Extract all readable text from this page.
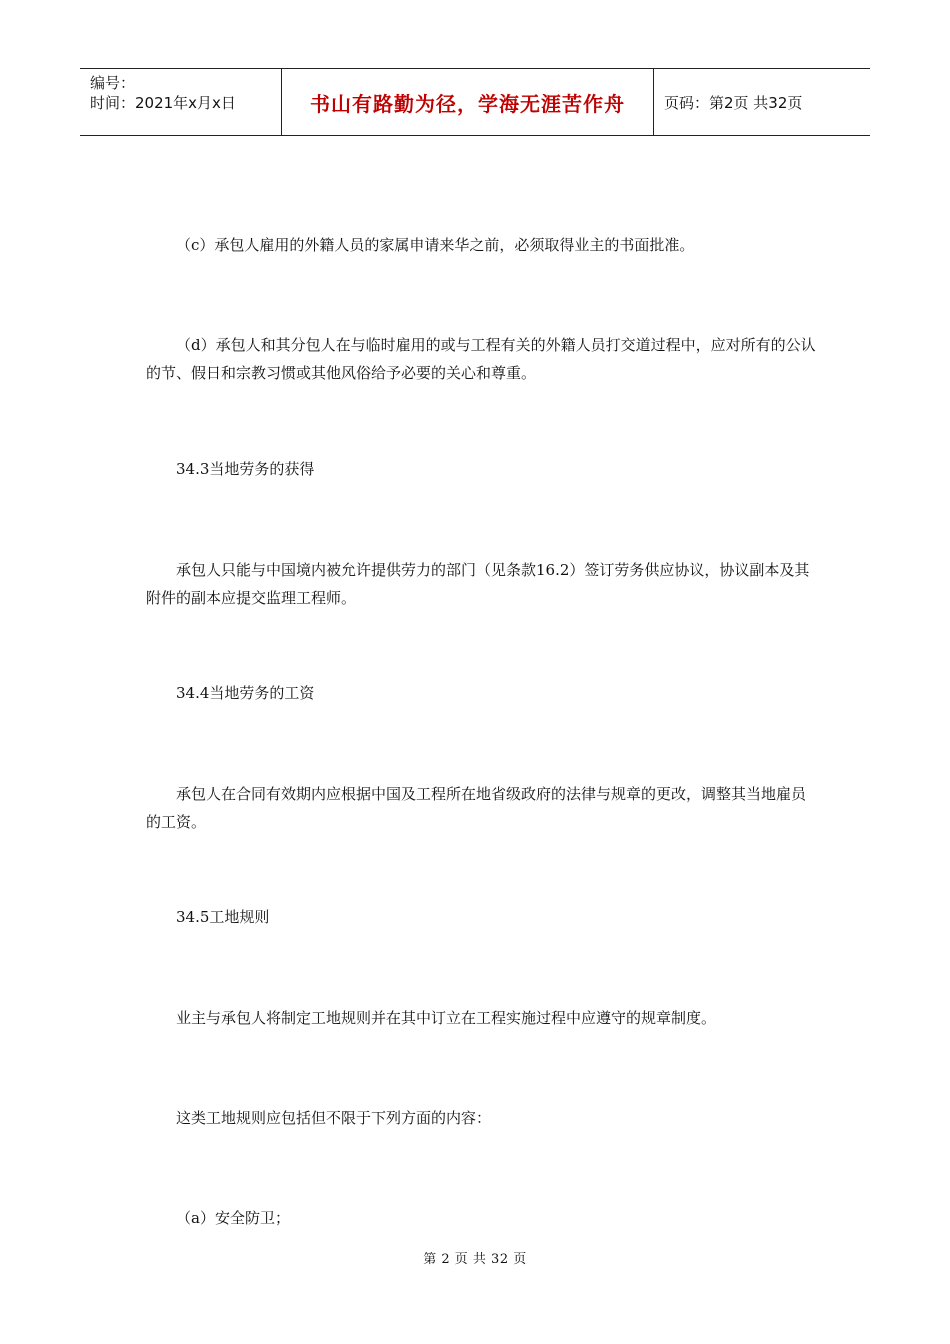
编号：
时间：2021年x月x日	书山有路勤为径，学海无涯苦作舟	页码：第2页 共32页
（c）承包人雇用的外籍人员的家属申请来华之前，必须取得业主的书面批准。
（d）承包人和其分包人在与临时雇用的或与工程有关的外籍人员打交道过程中，应对所有的公认的节、假日和宗教习惯或其他风俗给予必要的关心和尊重。
34.3当地劳务的获得
承包人只能与中国境内被允许提供劳力的部门（见条款16.2）签订劳务供应协议，协议副本及其附件的副本应提交监理工程师。
34.4当地劳务的工资
承包人在合同有效期内应根据中国及工程所在地省级政府的法律与规章的更改，调整其当地雇员的工资。
34.5工地规则
业主与承包人将制定工地规则并在其中订立在工程实施过程中应遵守的规章制度。
这类工地规则应包括但不限于下列方面的内容：
（a）安全防卫；
第 2 页 共 32 页
